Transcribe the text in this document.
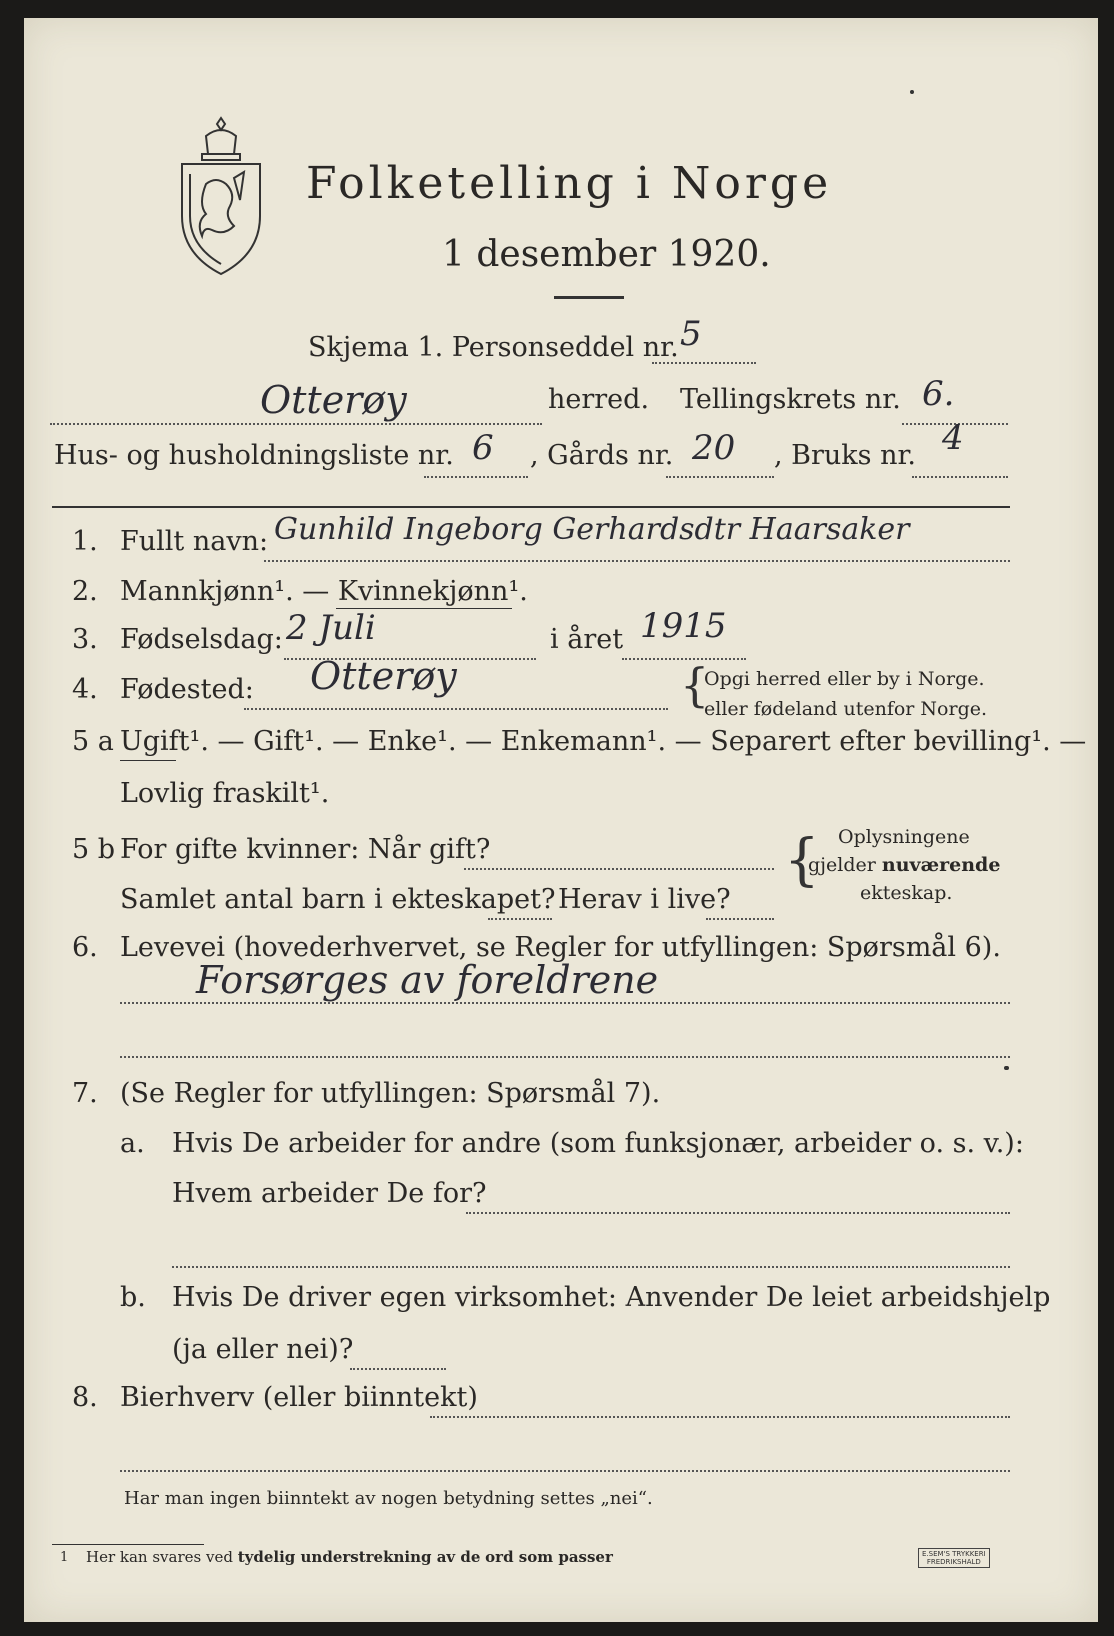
Folketelling i Norge
1 desember 1920.
Skjema 1. Personseddel nr. 5
Otterøy	herred. Tellingskrets nr. 6.
Hus- og husholdningsliste nr. 6 , Gårds nr. 20 , Bruks nr. 4
1. Fullt navn: Gunhild Ingeborg Gerhardsdtr Haarsaker
2. Mannkjønn¹. — Kvinnekjønn¹.
3. Fødselsdag: 2 Juli	i året 1915
4. Fødested: Otterøy	{
Opgi herred eller by i Norge.
eller fødeland utenfor Norge.
5 a Ugift¹. — Gift¹. — Enke¹. — Enkemann¹. — Separert efter bevilling¹. —
Lovlig fraskilt¹.
5 b For gifte kvinner: Når gift?
Samlet antal barn i ekteskapet? Herav i live?
{ Oplysningene
gjelder nuværende
ekteskap.
6. Levevei (hovederhvervet, se Regler for utfyllingen: Spørsmål 6).
Forsørges av foreldrene
7. (Se Regler for utfyllingen: Spørsmål 7).
a. Hvis De arbeider for andre (som funksjonær, arbeider o. s. v.):
Hvem arbeider De for?
b. Hvis De driver egen virksomhet: Anvender De leiet arbeidshjelp
(ja eller nei)?
8. Bierhverv (eller biinntekt)
Har man ingen biinntekt av nogen betydning settes „nei“.
1 Her kan svares ved tydelig understrekning av de ord som passer	E.SEM'S TRYKKERI
FREDRIKSHALD
